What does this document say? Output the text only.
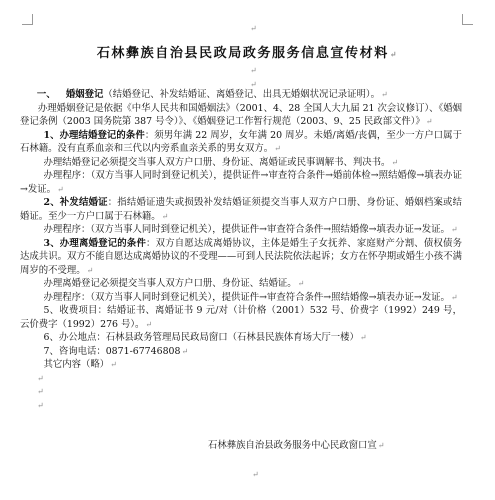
↵
石林彝族自治县民政局政务服务信息宣传材料↵
↵
↵

一、 婚姻登记（结婚登记、补发结婚证、离婚登记、出具无婚姻状况记录证明）。↵

办理婚姻登记是依据《中华人民共和国婚姻法》（2001、4、28 全国人大九届 21 次会议修订）、《婚姻登记条例（2003 国务院第 387 号令）》、《婚姻登记工作暂行规范（2003、9、25 民政部文件）》↵

1、办理结婚登记的条件：须男年满 22 周岁，女年满 20 周岁。未婚/离婚/丧偶，至少一方户口属于石林籍。没有直系血亲和三代以内旁系血亲关系的男女双方。↵

办理结婚登记必须提交当事人双方户口册、身份证、离婚证或民事调解书、判决书。↵

办理程序：（双方当事人同时到登记机关），提供证件→审查符合条件→婚前体检→照结婚像→填表办证→发证。↵

2、补发结婚证：指结婚证遗失或损毁补发结婚证须提交当事人双方户口册、身份证、婚姻档案或结婚证。至少一方户口属于石林籍。↵

办理程序：（双方当事人同时到登记机关），提供证件→审查符合条件→照结婚像→填表办证→发证。↵

3、办理离婚登记的条件：双方自愿达成离婚协议，主体是婚生子女抚养、家庭财产分割、债权债务达成共识。双方不能自愿达成离婚协议的不受理——可到人民法院依法起诉；女方在怀孕期或婚生小孩不满周岁的不受理。↵

办理离婚登记必须提交当事人双方户口册、身份证、结婚证。↵

办理程序：（双方当事人同时到登记机关），提供证件→审查符合条件→照结婚像→填表办证→发证。↵

5、收费项目：结婚证书、离婚证书 9 元/对（计价格（2001）532 号、价费字（1992）249 号，云价费字（1992）276 号）。↵

6、办公地点：石林县政务管理局民政局窗口（石林县民族体育场大厅一楼）↵

7、咨询电话：0871-67746808↵

其它内容（略）↵

↵

↵

↵

石林彝族自治县政务服务中心民政窗口宣↵
↵
